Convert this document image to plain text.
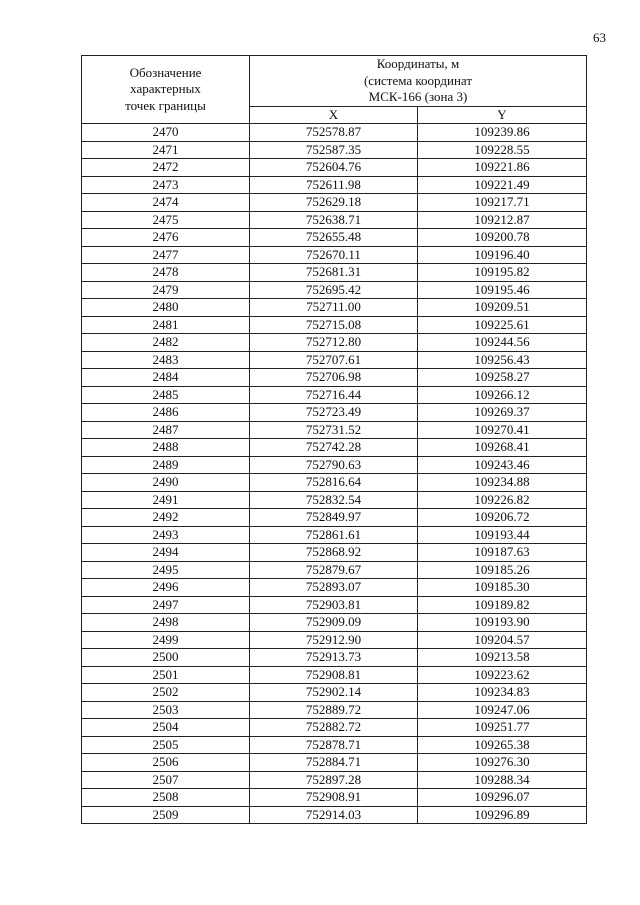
63
Обозначение
характерных
точек границы	Координаты, м
(система координат
МСК-166 (зона 3)	

	X	Y
2470	752578.87	109239.86
2471	752587.35	109228.55
2472	752604.76	109221.86
2473	752611.98	109221.49
2474	752629.18	109217.71
2475	752638.71	109212.87
2476	752655.48	109200.78
2477	752670.11	109196.40
2478	752681.31	109195.82
2479	752695.42	109195.46
2480	752711.00	109209.51
2481	752715.08	109225.61
2482	752712.80	109244.56
2483	752707.61	109256.43
2484	752706.98	109258.27
2485	752716.44	109266.12
2486	752723.49	109269.37
2487	752731.52	109270.41
2488	752742.28	109268.41
2489	752790.63	109243.46
2490	752816.64	109234.88
2491	752832.54	109226.82
2492	752849.97	109206.72
2493	752861.61	109193.44
2494	752868.92	109187.63
2495	752879.67	109185.26
2496	752893.07	109185.30
2497	752903.81	109189.82
2498	752909.09	109193.90
2499	752912.90	109204.57
2500	752913.73	109213.58
2501	752908.81	109223.62
2502	752902.14	109234.83
2503	752889.72	109247.06
2504	752882.72	109251.77
2505	752878.71	109265.38
2506	752884.71	109276.30
2507	752897.28	109288.34
2508	752908.91	109296.07
2509	752914.03	109296.89
